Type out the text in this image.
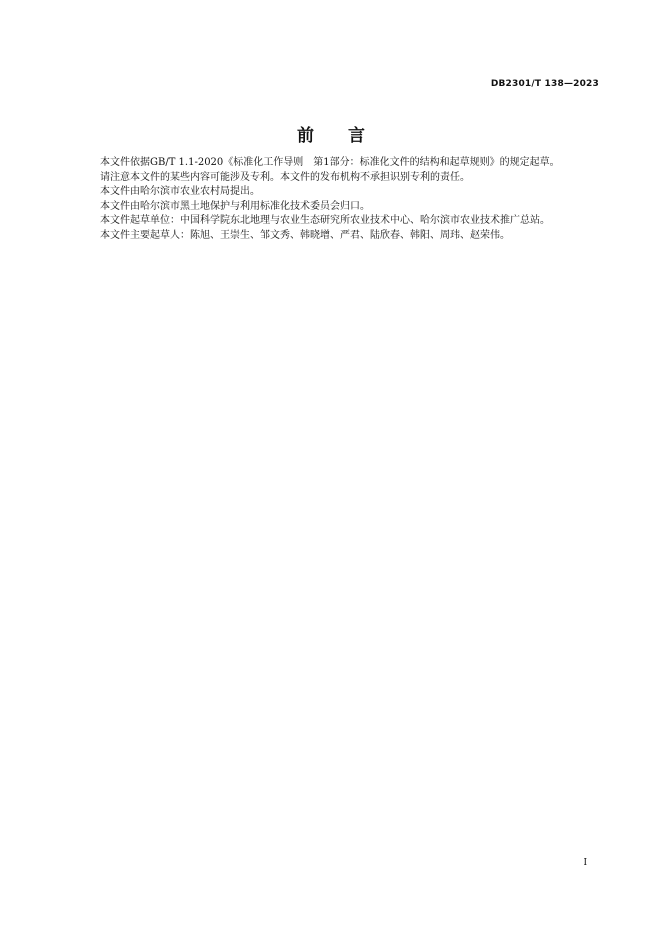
DB2301/T 138—2023
前 言

本文件依据GB/T 1.1-2020《标准化工作导则　第1部分：标准化文件的结构和起草规则》的规定起草。

请注意本文件的某些内容可能涉及专利。本文件的发布机构不承担识别专利的责任。

本文件由哈尔滨市农业农村局提出。

本文件由哈尔滨市黑土地保护与利用标准化技术委员会归口。

本文件起草单位：中国科学院东北地理与农业生态研究所农业技术中心、哈尔滨市农业技术推广总站。

本文件主要起草人：陈旭、王崇生、邹文秀、韩晓增、严君、陆欣春、韩阳、周玮、赵荣伟。

I
